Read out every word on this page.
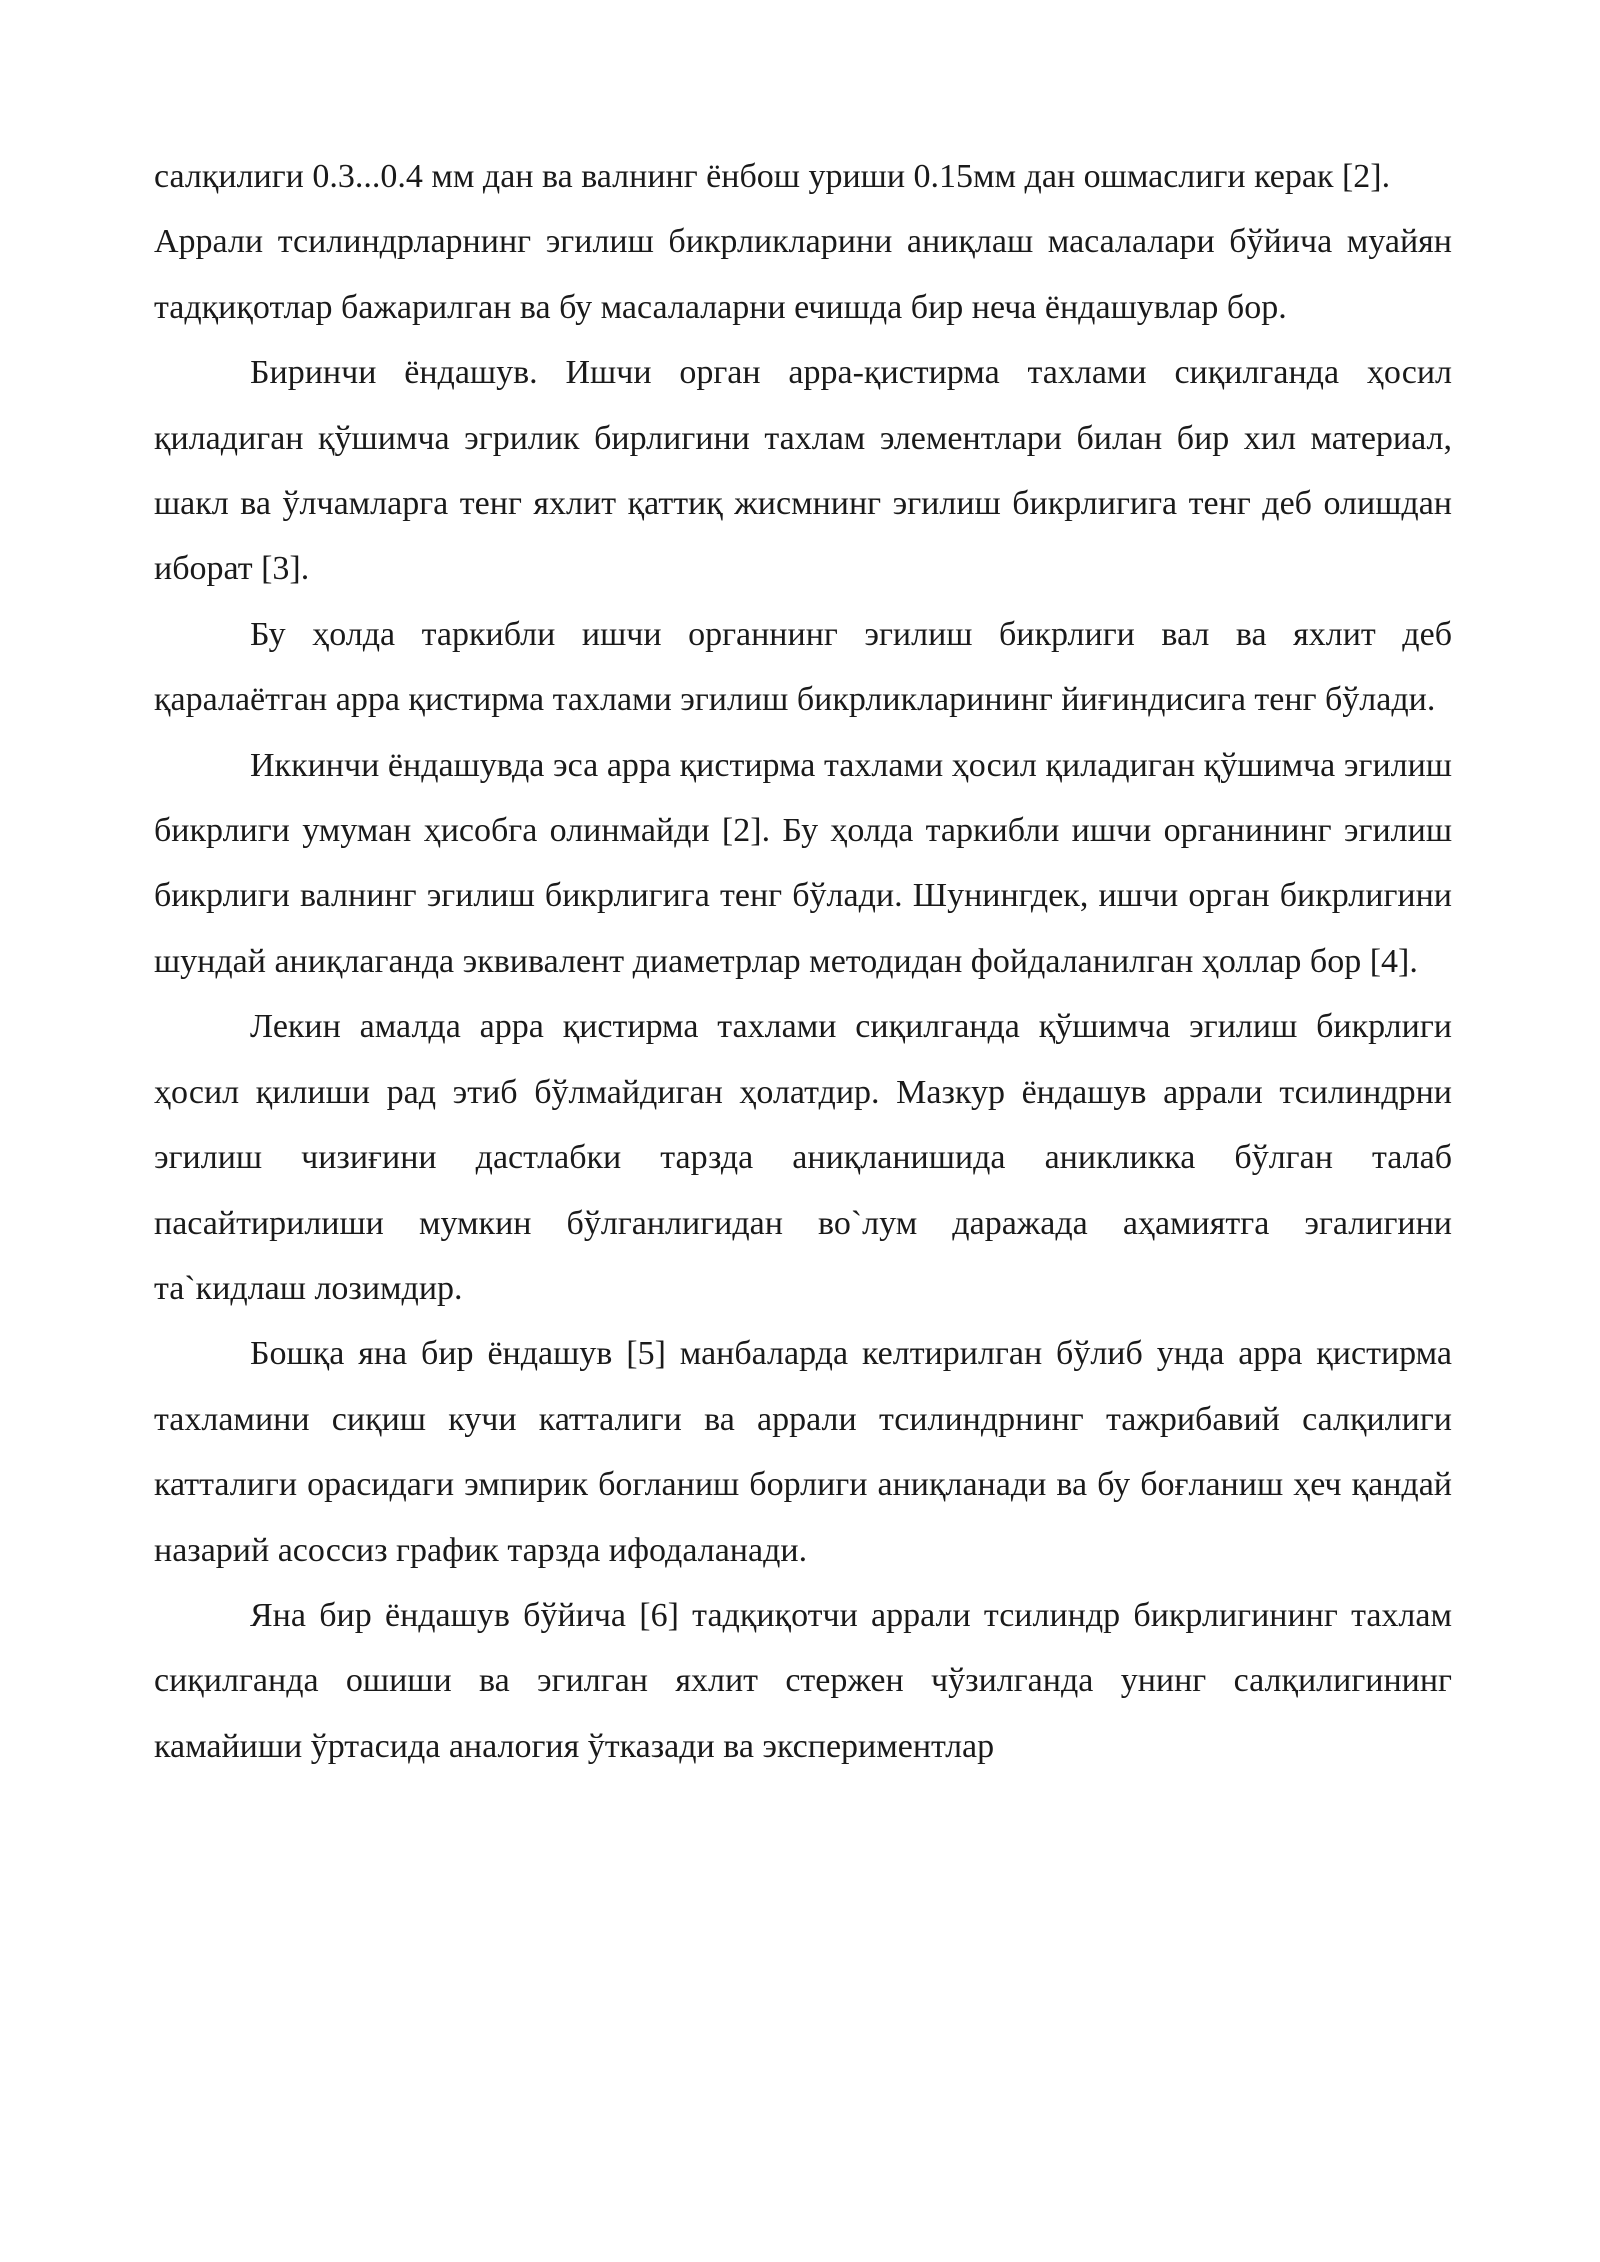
салқилиги 0.3...0.4 мм дан ва валнинг ёнбош уриши 0.15мм дан ошмаслиги керак [2].

Аррали тсилиндрларнинг эгилиш бикрликларини аниқлаш масалалари бўйича муайян тадқиқотлар бажарилган ва бу масалаларни ечишда бир неча ёндашувлар бор.

Биринчи ёндашув. Ишчи орган арра-қистирма тахлами сиқилганда ҳосил қиладиган қўшимча эгрилик бирлигини тахлам элементлари билан бир хил материал, шакл ва ўлчамларга тенг яхлит қаттиқ жисмнинг эгилиш бикрлигига тенг деб олишдан иборат [3].

Бу ҳолда таркибли ишчи органнинг эгилиш бикрлиги вал ва яхлит деб қаралаётган арра қистирма тахлами эгилиш бикрликларининг йиғиндисига тенг бўлади.

Иккинчи ёндашувда эса арра қистирма тахлами ҳосил қиладиган қўшимча эгилиш бикрлиги умуман ҳисобга олинмайди [2]. Бу ҳолда таркибли ишчи органининг эгилиш бикрлиги валнинг эгилиш бикрлигига тенг бўлади. Шунингдек, ишчи орган бикрлигини шундай аниқлаганда эквивалент диаметрлар методидан фойдаланилган ҳоллар бор [4].

Лекин амалда арра қистирма тахлами сиқилганда қўшимча эгилиш бикрлиги ҳосил қилиши рад этиб бўлмайдиган ҳолатдир. Мазкур ёндашув аррали тсилиндрни эгилиш чизиғини дастлабки тарзда аниқланишида аникликка бўлган талаб пасайтирилиши мумкин бўлганлигидан во`лум даражада аҳамиятга эгалигини та`кидлаш лозимдир.

Бошқа яна бир ёндашув [5] манбаларда келтирилган бўлиб унда арра қистирма тахламини сиқиш кучи катталиги ва аррали тсилиндрнинг тажрибавий салқилиги катталиги орасидаги эмпирик богланиш борлиги аниқланади ва бу боғланиш ҳеч қандай назарий асоссиз график тарзда ифодаланади.

Яна бир ёндашув бўйича [6] тадқиқотчи аррали тсилиндр бикрлигининг тахлам сиқилганда ошиши ва эгилган яхлит стержен чўзилганда унинг салқилигининг камайиши ўртасида аналогия ўтказади ва экспериментлар
